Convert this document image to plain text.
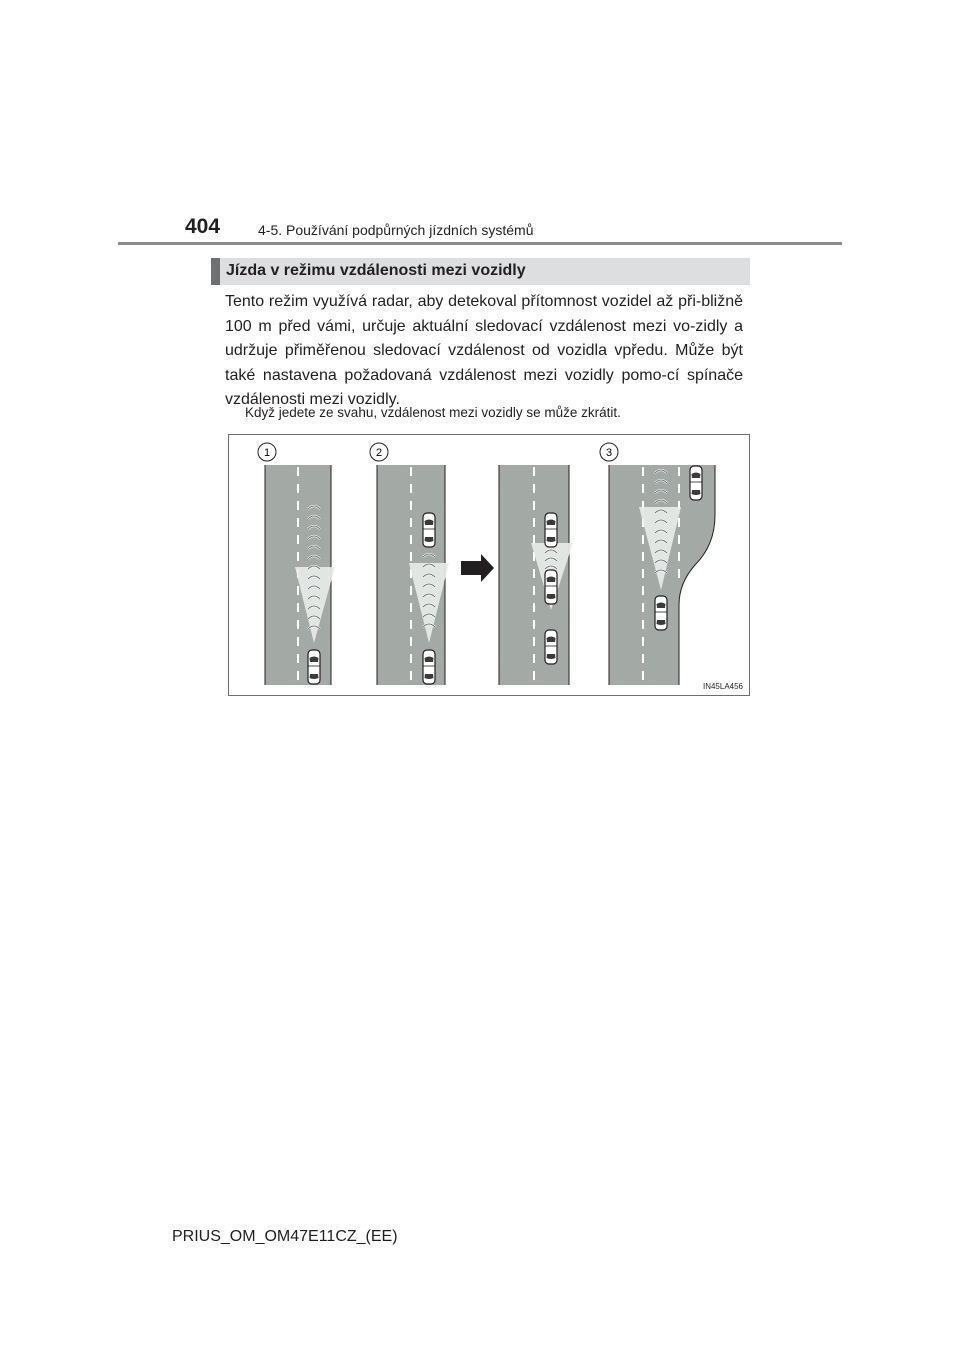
404	4-5. Používání podpůrných jízdních systémů
Jízda v režimu vzdálenosti mezi vozidly
Tento režim využívá radar, aby detekoval přítomnost vozidel až při-bližně 100 m před vámi, určuje aktuální sledovací vzdálenost mezi vo-zidly a udržuje přiměřenou sledovací vzdálenost od vozidla vpředu. Může být také nastavena požadovaná vzdálenost mezi vozidly pomo-cí spínače vzdálenosti mezi vozidly.
Když jedete ze svahu, vzdálenost mezi vozidly se může zkrátit.
1	2	3
IN45LA456
PRIUS_OM_OM47E11CZ_(EE)
